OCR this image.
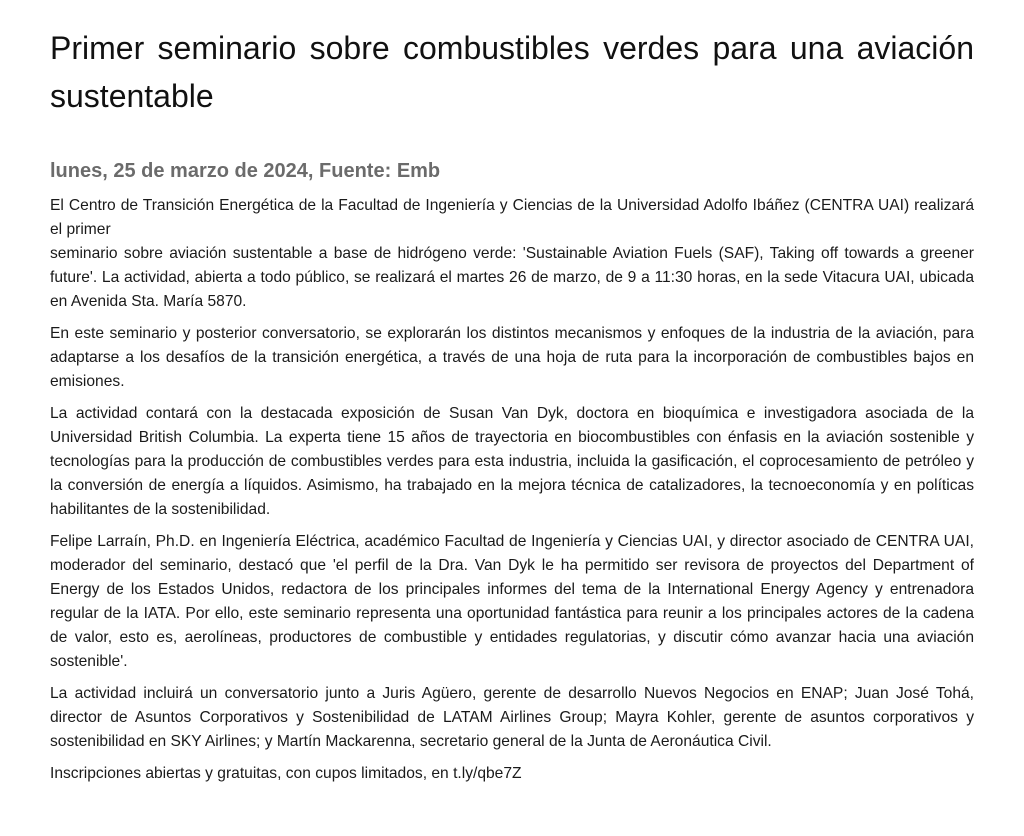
Primer seminario sobre combustibles verdes para una aviación sustentable
lunes, 25 de marzo de 2024, Fuente: Emb

El Centro de Transición Energética de la Facultad de Ingeniería y Ciencias de la Universidad Adolfo Ibáñez (CENTRA UAI) realizará el primer

seminario sobre aviación sustentable a base de hidrógeno verde: 'Sustainable Aviation Fuels (SAF), Taking off towards a greener future'. La actividad, abierta a todo público, se realizará el martes 26 de marzo, de 9 a 11:30 horas, en la sede Vitacura UAI, ubicada en Avenida Sta. María 5870.

En este seminario y posterior conversatorio, se explorarán los distintos mecanismos y enfoques de la industria de la aviación, para adaptarse a los desafíos de la transición energética, a través de una hoja de ruta para la incorporación de combustibles bajos en emisiones.

La actividad contará con la destacada exposición de Susan Van Dyk, doctora en bioquímica e investigadora asociada de la Universidad British Columbia. La experta tiene 15 años de trayectoria en biocombustibles con énfasis en la aviación sostenible y tecnologías para la producción de combustibles verdes para esta industria, incluida la gasificación, el coprocesamiento de petróleo y la conversión de energía a líquidos. Asimismo, ha trabajado en la mejora técnica de catalizadores, la tecnoeconomía y en políticas habilitantes de la sostenibilidad.

Felipe Larraín, Ph.D. en Ingeniería Eléctrica, académico Facultad de Ingeniería y Ciencias UAI, y director asociado de CENTRA UAI, moderador del seminario, destacó que 'el perfil de la Dra. Van Dyk le ha permitido ser revisora de proyectos del Department of Energy de los Estados Unidos, redactora de los principales informes del tema de la International Energy Agency y entrenadora regular de la IATA. Por ello, este seminario representa una oportunidad fantástica para reunir a los principales actores de la cadena de valor, esto es, aerolíneas, productores de combustible y entidades regulatorias, y discutir cómo avanzar hacia una aviación sostenible'.

La actividad incluirá un conversatorio junto a Juris Agüero, gerente de desarrollo Nuevos Negocios en ENAP; Juan José Tohá, director de Asuntos Corporativos y Sostenibilidad de LATAM Airlines Group; Mayra Kohler, gerente de asuntos corporativos y sostenibilidad en SKY Airlines; y Martín Mackarenna, secretario general de la Junta de Aeronáutica Civil.

Inscripciones abiertas y gratuitas, con cupos limitados, en t.ly/qbe7Z
